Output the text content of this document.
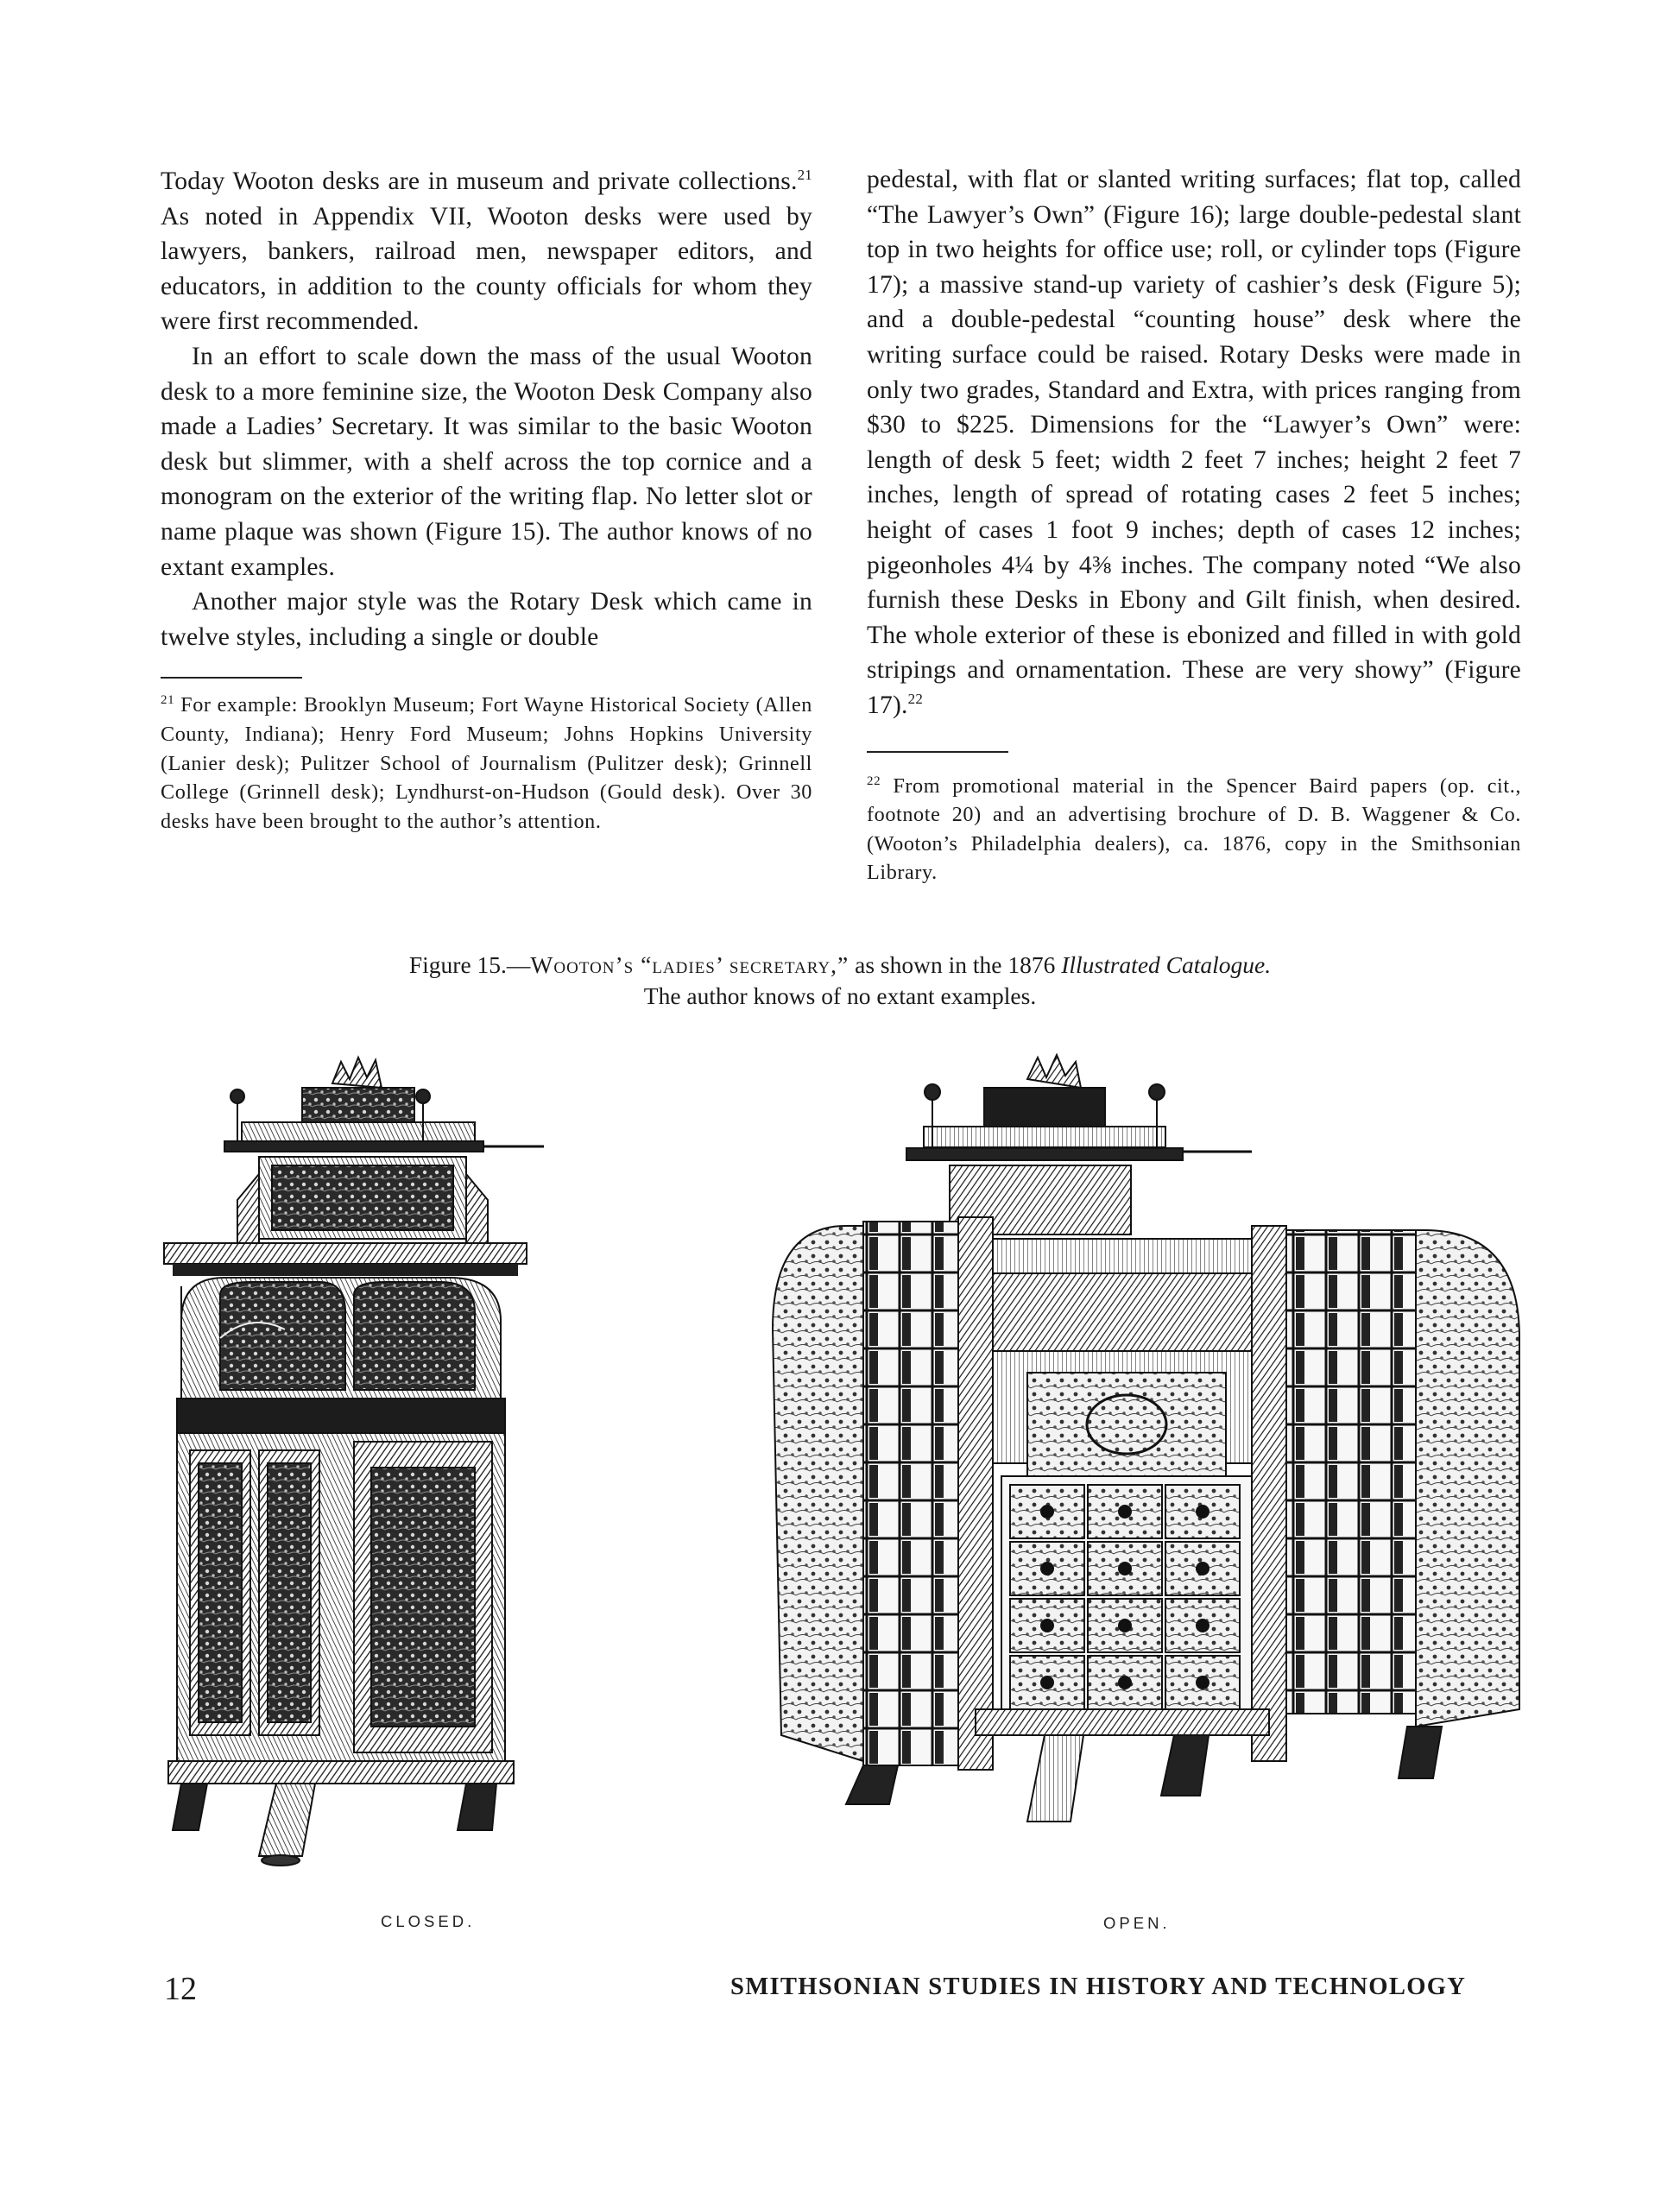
Today Wooton desks are in museum and private collections.$^{21}$ As noted in Appendix VII, Wooton desks were used by lawyers, bankers, railroad men, newspaper editors, and educators, in addition to the county officials for whom they were first recommended.

In an effort to scale down the mass of the usual Wooton desk to a more feminine size, the Wooton Desk Company also made a Ladies’ Secretary. It was similar to the basic Wooton desk but slimmer, with a shelf across the top cornice and a monogram on the exterior of the writing flap. No letter slot or name plaque was shown (Figure 15). The author knows of no extant examples.

Another major style was the Rotary Desk which came in twelve styles, including a single or double

$^{21}$ For example: Brooklyn Museum; Fort Wayne Historical Society (Allen County, Indiana); Henry Ford Museum; Johns Hopkins University (Lanier desk); Pulitzer School of Journalism (Pulitzer desk); Grinnell College (Grinnell desk); Lyndhurst-on-Hudson (Gould desk). Over 30 desks have been brought to the author’s attention.

pedestal, with flat or slanted writing surfaces; flat top, called “The Lawyer’s Own” (Figure 16); large double-pedestal slant top in two heights for office use; roll, or cylinder tops (Figure 17); a massive stand-up variety of cashier’s desk (Figure 5); and a double-pedestal “counting house” desk where the writing surface could be raised. Rotary Desks were made in only two grades, Standard and Extra, with prices ranging from $30 to $225. Dimensions for the “Lawyer’s Own” were: length of desk 5 feet; width 2 feet 7 inches; height 2 feet 7 inches, length of spread of rotating cases 2 feet 5 inches; height of cases 1 foot 9 inches; depth of cases 12 inches; pigeonholes 4¼ by 4⅜ inches. The company noted “We also furnish these Desks in Ebony and Gilt finish, when desired. The whole exterior of these is ebonized and filled in with gold stripings and ornamentation. These are very showy” (Figure 17).$^{22}$

$^{22}$ From promotional material in the Spencer Baird papers (op. cit., footnote 20) and an advertising brochure of D. B. Waggener & Co. (Wooton’s Philadelphia dealers), ca. 1876, copy in the Smithsonian Library.

Figure 15.—Wooton’s “ladies’ secretary,” as shown in the 1876 Illustrated Catalogue.
The author knows of no extant examples.

CLOSED.	OPEN.
12	SMITHSONIAN STUDIES IN HISTORY AND TECHNOLOGY
